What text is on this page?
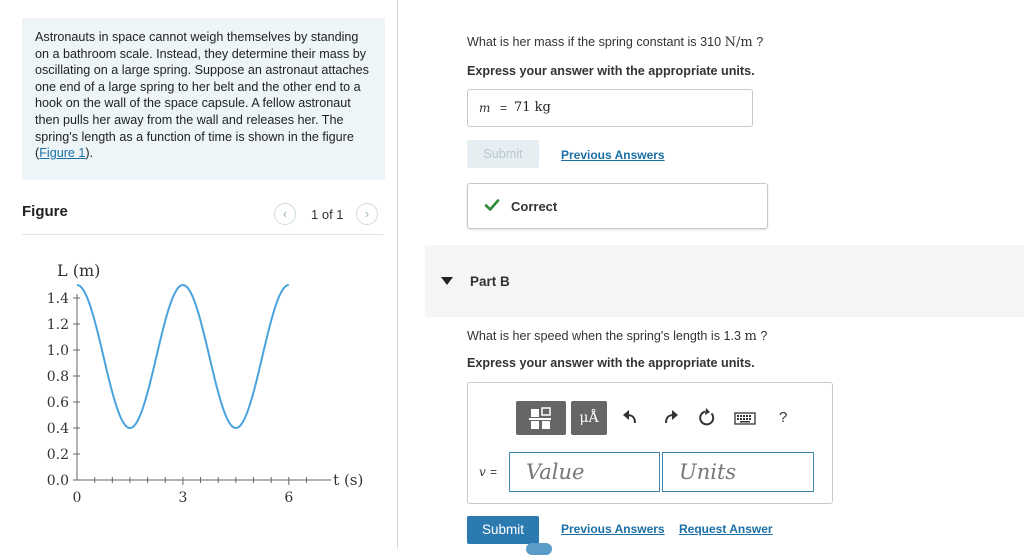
Astronauts in space cannot weigh themselves by standing on a bathroom scale. Instead, they determine their mass by oscillating on a large spring. Suppose an astronaut attaches one end of a large spring to her belt and the other end to a hook on the wall of the space capsule. A fellow astronaut then pulls her away from the wall and releases her. The spring's length as a function of time is shown in the figure (Figure 1).
Figure	‹	1 of 1	›
0.0
0.2
0.4
0.6
0.8
1.0
1.2
1.4
0	3	6
L (m)
t (s)
What is her mass if the spring constant is 310 N/m ?
Express your answer with the appropriate units.
m = 71 kg
Submit	Previous Answers
Correct
Part B
What is her speed when the spring's length is 1.3 m ?
Express your answer with the appropriate units.
μÅ	?
v =	Value	Units
Submit	Previous Answers Request Answer
